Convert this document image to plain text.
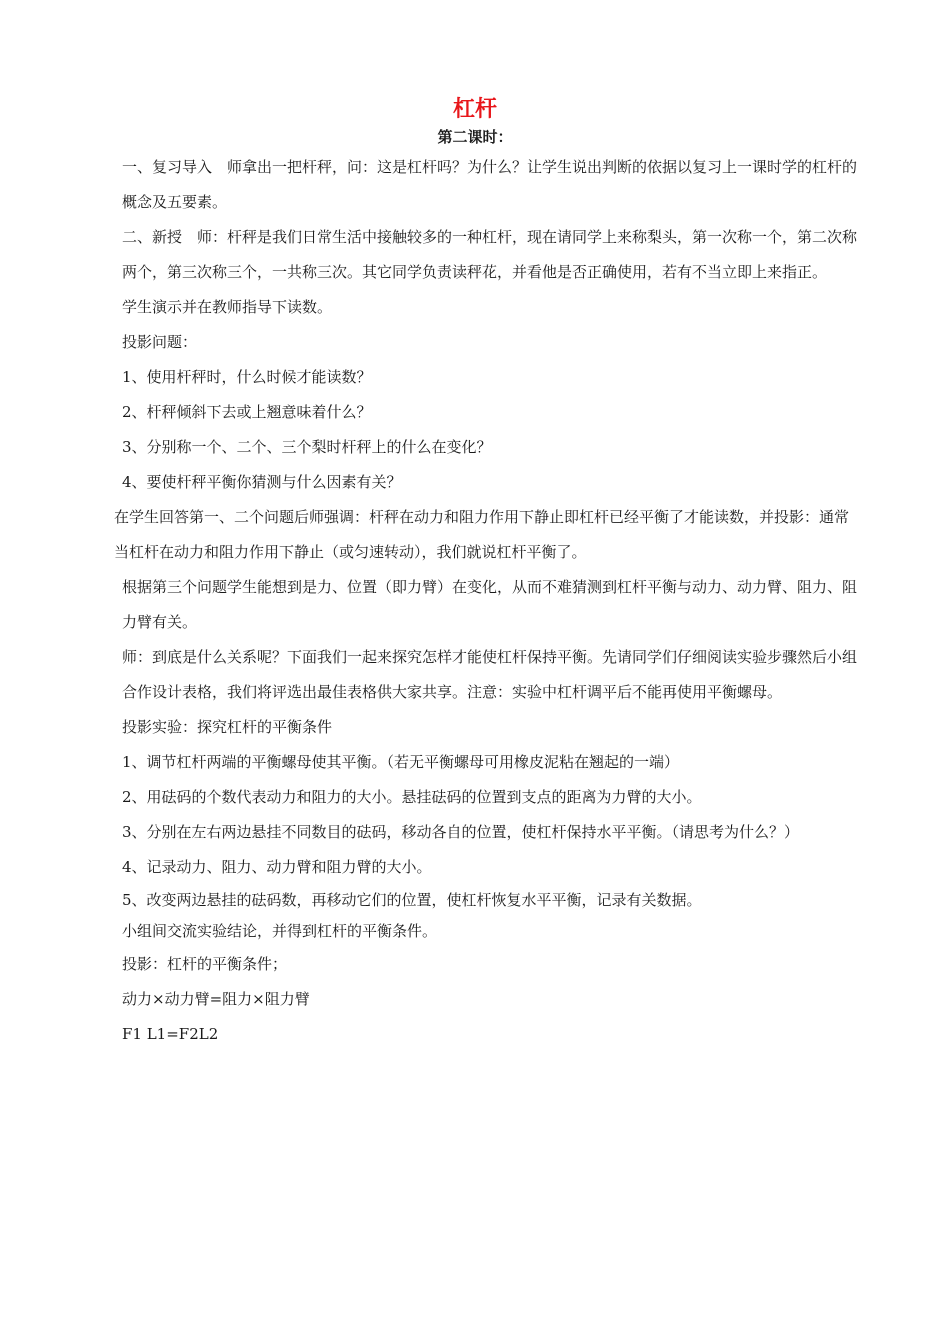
杠杆
第二课时：

一、复习导入　师拿出一把杆秤，问：这是杠杆吗？为什么？让学生说出判断的依据以复习上一课时学的杠杆的概念及五要素。

二、新授　师：杆秤是我们日常生活中接触较多的一种杠杆，现在请同学上来称梨头，第一次称一个，第二次称两个，第三次称三个，一共称三次。其它同学负责读秤花，并看他是否正确使用，若有不当立即上来指正。

学生演示并在教师指导下读数。

投影问题：

1、使用杆秤时，什么时候才能读数？

2、杆秤倾斜下去或上翘意味着什么？

3、分别称一个、二个、三个梨时杆秤上的什么在变化？

4、要使杆秤平衡你猜测与什么因素有关？

在学生回答第一、二个问题后师强调：杆秤在动力和阻力作用下静止即杠杆已经平衡了才能读数，并投影：通常当杠杆在动力和阻力作用下静止（或匀速转动），我们就说杠杆平衡了。

根据第三个问题学生能想到是力、位置（即力臂）在变化，从而不难猜测到杠杆平衡与动力、动力臂、阻力、阻力臂有关。

师：到底是什么关系呢？下面我们一起来探究怎样才能使杠杆保持平衡。先请同学们仔细阅读实验步骤然后小组合作设计表格，我们将评选出最佳表格供大家共享。注意：实验中杠杆调平后不能再使用平衡螺母。

投影实验：探究杠杆的平衡条件

1、调节杠杆两端的平衡螺母使其平衡。（若无平衡螺母可用橡皮泥粘在翘起的一端）

2、用砝码的个数代表动力和阻力的大小。悬挂砝码的位置到支点的距离为力臂的大小。

3、分别在左右两边悬挂不同数目的砝码，移动各自的位置，使杠杆保持水平平衡。（请思考为什么？）

4、记录动力、阻力、动力臂和阻力臂的大小。

5、改变两边悬挂的砝码数，再移动它们的位置，使杠杆恢复水平平衡，记录有关数据。

小组间交流实验结论，并得到杠杆的平衡条件。

投影：杠杆的平衡条件；

动力×动力臂=阻力×阻力臂

F1 L1=F2L2
